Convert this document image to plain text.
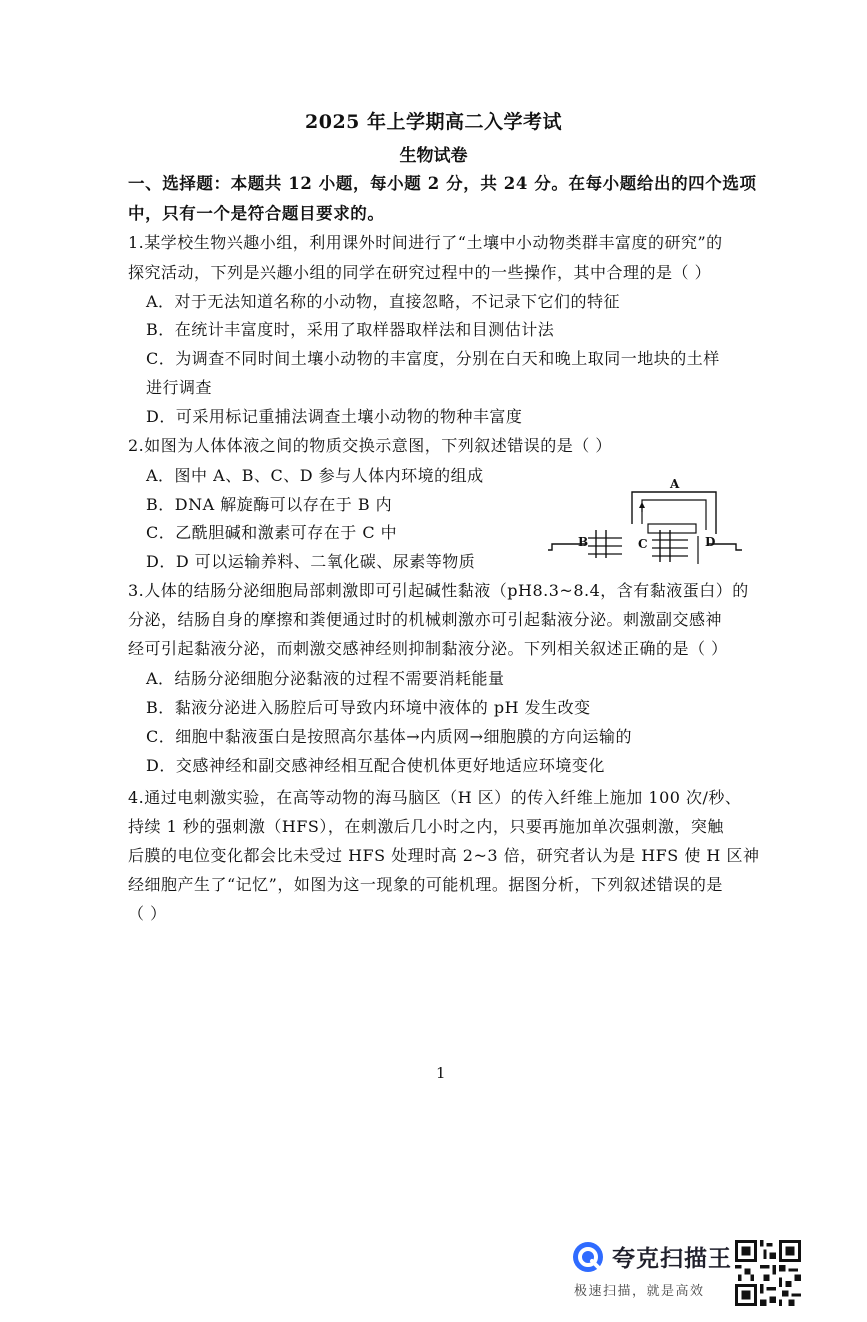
2025 年上学期高二入学考试
生物试卷
一、选择题：本题共 12 小题，每小题 2 分，共 24 分。在每小题给出的四个选项
中，只有一个是符合题目要求的。
1.某学校生物兴趣小组，利用课外时间进行了“土壤中小动物类群丰富度的研究”的
探究活动，下列是兴趣小组的同学在研究过程中的一些操作，其中合理的是（ ）
A．对于无法知道名称的小动物，直接忽略，不记录下它们的特征
B．在统计丰富度时，采用了取样器取样法和目测估计法
C．为调查不同时间土壤小动物的丰富度，分别在白天和晚上取同一地块的土样
进行调查
D．可采用标记重捕法调查土壤小动物的物种丰富度
2.如图为人体体液之间的物质交换示意图，下列叙述错误的是（ ）
A．图中 A、B、C、D 参与人体内环境的组成
B．DNA 解旋酶可以存在于 B 内
C．乙酰胆碱和激素可存在于 C 中
D．D 可以运输养料、二氧化碳、尿素等物质
A
B	C	D
3.人体的结肠分泌细胞局部刺激即可引起碱性黏液（pH8.3~8.4，含有黏液蛋白）的
分泌，结肠自身的摩擦和粪便通过时的机械刺激亦可引起黏液分泌。刺激副交感神
经可引起黏液分泌，而刺激交感神经则抑制黏液分泌。下列相关叙述正确的是（ ）
A．结肠分泌细胞分泌黏液的过程不需要消耗能量
B．黏液分泌进入肠腔后可导致内环境中液体的 pH 发生改变
C．细胞中黏液蛋白是按照高尔基体→内质网→细胞膜的方向运输的
D．交感神经和副交感神经相互配合使机体更好地适应环境变化
4.通过电刺激实验，在高等动物的海马脑区（H 区）的传入纤维上施加 100 次/秒、
持续 1 秒的强刺激（HFS），在刺激后几小时之内，只要再施加单次强刺激，突触
后膜的电位变化都会比未受过 HFS 处理时高 2~3 倍，研究者认为是 HFS 使 H 区神
经细胞产生了“记忆”，如图为这一现象的可能机理。据图分析，下列叙述错误的是
（ ）
1
夸克扫描王
极速扫描，就是高效
